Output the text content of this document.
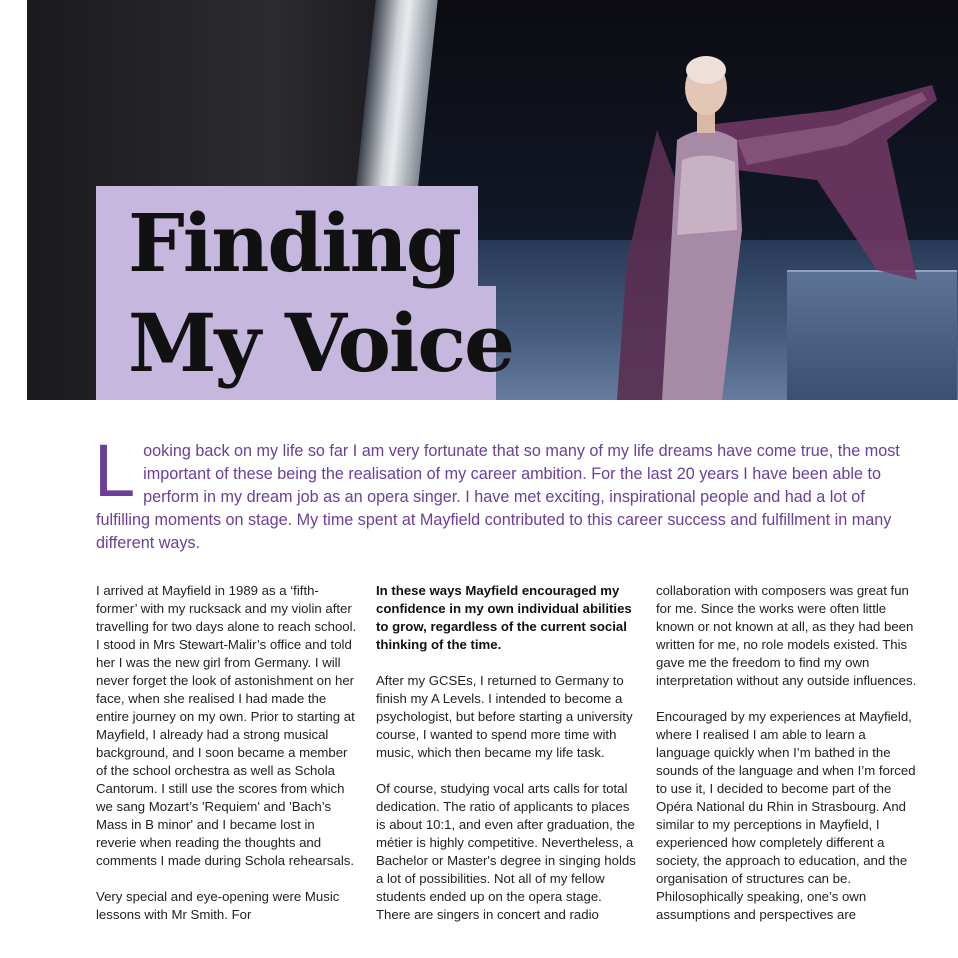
Finding
My Voice
L ooking back on my life so far I am very fortunate that so many of my life dreams have come true, the most important of these being the realisation of my career ambition. For the last 20 years I have been able to perform in my dream job as an opera singer. I have met exciting, inspirational people and had a lot of fulfilling moments on stage. My time spent at Mayfield contributed to this career success and fulfillment in many different ways.

I arrived at Mayfield in 1989 as a ‘fifth-former’ with my rucksack and my violin after travelling for two days alone to reach school. I stood in Mrs Stewart-Malir’s office and told her I was the new girl from Germany. I will never forget the look of astonishment on her face, when she realised I had made the entire journey on my own. Prior to starting at Mayfield, I already had a strong musical background, and I soon became a member of the school orchestra as well as Schola Cantorum. I still use the scores from which we sang Mozart’s 'Requiem' and 'Bach’s Mass in B minor' and I became lost in reverie when reading the thoughts and comments I made during Schola rehearsals.

Very special and eye-opening were Music lessons with Mr Smith. For

In these ways Mayfield encouraged my confidence in my own individual abilities to grow, regardless of the current social thinking of the time.

After my GCSEs, I returned to Germany to finish my A Levels. I intended to become a psychologist, but before starting a university course, I wanted to spend more time with music, which then became my life task.

Of course, studying vocal arts calls for total dedication. The ratio of applicants to places is about 10:1, and even after graduation, the métier is highly competitive. Nevertheless, a Bachelor or Master's degree in singing holds a lot of possibilities. Not all of my fellow students ended up on the opera stage. There are singers in concert and radio

collaboration with composers was great fun for me. Since the works were often little known or not known at all, as they had been written for me, no role models existed. This gave me the freedom to find my own interpretation without any outside influences.

Encouraged by my experiences at Mayfield, where I realised I am able to learn a language quickly when I’m bathed in the sounds of the language and when I’m forced to use it, I decided to become part of the Opéra National du Rhin in Strasbourg. And similar to my perceptions in Mayfield, I experienced how completely different a society, the approach to education, and the organisation of structures can be. Philosophically speaking, one’s own assumptions and perspectives are
